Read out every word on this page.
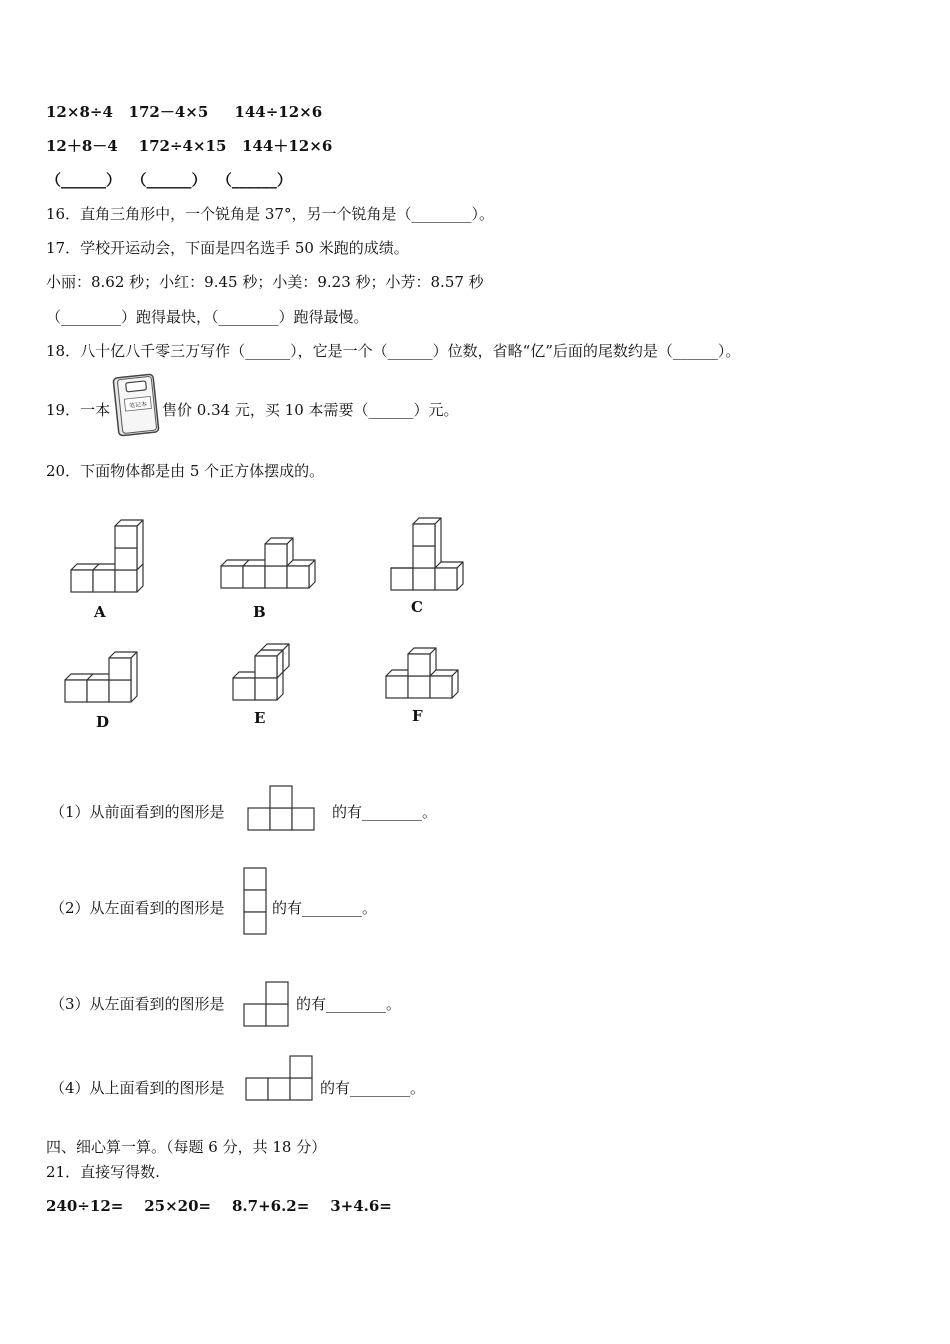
12×8÷4   172－4×5     144÷12×6
12＋8－4    172÷4×15   144＋12×6
（______）  （______）  （______）
16．直角三角形中，一个锐角是 37°，另一个锐角是（________）。
17．学校开运动会，下面是四名选手 50 米跑的成绩。
小丽：8.62 秒；小红：9.45 秒；小美：9.23 秒；小芳：8.57 秒
（________）跑得最快，（________）跑得最慢。
18．八十亿八千零三万写作（______），它是一个（______）位数，省略“亿”后面的尾数约是（______）。
19．一本	笔记本 售价 0.34 元，买 10 本需要（______）元。
20．下面物体都是由 5 个正方体摆成的。
A	B	C
D	E	F
（1）从前面看到的图形是	的有________。
（2）从左面看到的图形是	的有________。
（3）从左面看到的图形是	的有________。
（4）从上面看到的图形是	的有________。
四、细心算一算。（每题 6 分，共 18 分）
21．直接写得数.
240÷12=    25×20=    8.7+6.2=    3+4.6=
